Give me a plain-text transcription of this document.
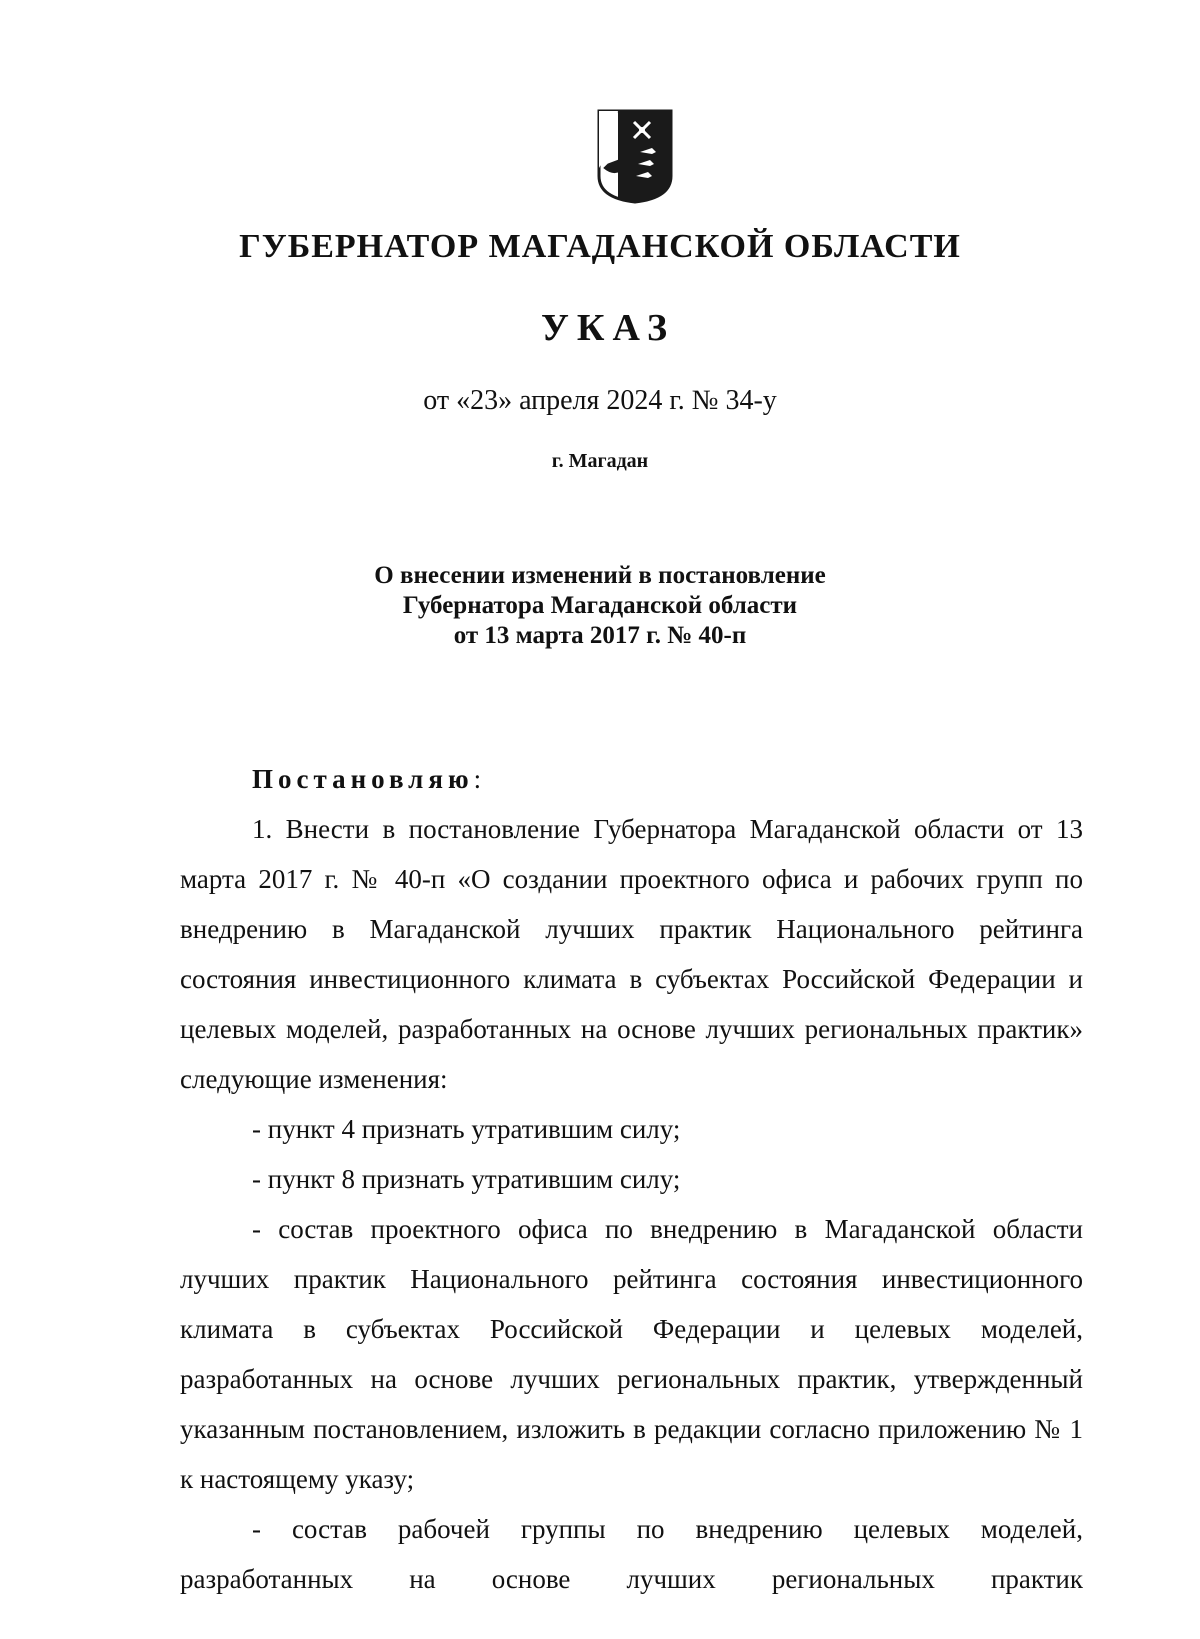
ГУБЕРНАТОР МАГАДАНСКОЙ ОБЛАСТИ

УКАЗ

от «23» апреля 2024 г. № 34-у

г. Магадан

О внесении изменений в постановление
Губернатора Магаданской области
от 13 марта 2017 г. № 40-п

Постановляю:

1. Внести в постановление Губернатора Магаданской области от 13 марта 2017 г. № 40-п «О создании проектного офиса и рабочих групп по внедрению в Магаданской лучших практик Национального рейтинга состояния инвестиционного климата в субъектах Российской Федерации и целевых моделей, разработанных на основе лучших региональных практик» следующие изменения:

- пункт 4 признать утратившим силу;

- пункт 8 признать утратившим силу;

- состав проектного офиса по внедрению в Магаданской области лучших практик Национального рейтинга состояния инвестиционного климата в субъектах Российской Федерации и целевых моделей, разработанных на основе лучших региональных практик, утвержденный указанным постановлением, изложить в редакции согласно приложению № 1 к настоящему указу;

- состав рабочей группы по внедрению целевых моделей, разработанных на основе лучших региональных практик
